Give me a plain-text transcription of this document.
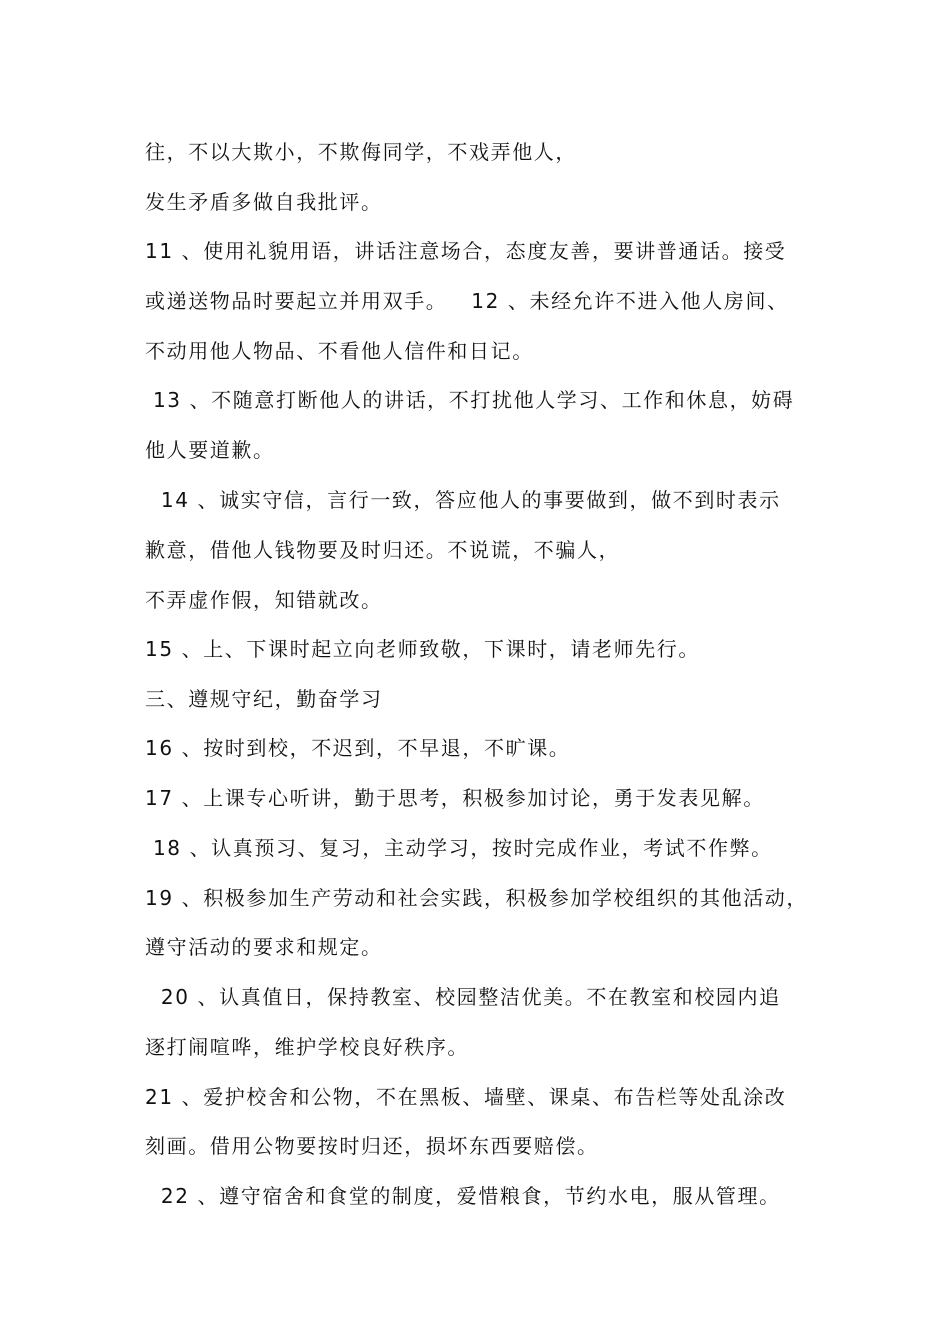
往，不以大欺小，不欺侮同学，不戏弄他人，
发生矛盾多做自我批评。
11 、使用礼貌用语，讲话注意场合，态度友善，要讲普通话。接受
或递送物品时要起立并用双手。   12 、未经允许不进入他人房间、
不动用他人物品、不看他人信件和日记。
13 、不随意打断他人的讲话，不打扰他人学习、工作和休息，妨碍
他人要道歉。
14 、诚实守信，言行一致，答应他人的事要做到，做不到时表示
歉意，借他人钱物要及时归还。不说谎，不骗人，
不弄虚作假，知错就改。
15 、上、下课时起立向老师致敬，下课时，请老师先行。
三、遵规守纪，勤奋学习
16 、按时到校，不迟到，不早退，不旷课。
17 、上课专心听讲，勤于思考，积极参加讨论，勇于发表见解。
18 、认真预习、复习，主动学习，按时完成作业，考试不作弊。
19 、积极参加生产劳动和社会实践，积极参加学校组织的其他活动，
遵守活动的要求和规定。
20 、认真值日，保持教室、校园整洁优美。不在教室和校园内追
逐打闹喧哗，维护学校良好秩序。
21 、爱护校舍和公物，不在黑板、墙壁、课桌、布告栏等处乱涂改
刻画。借用公物要按时归还，损坏东西要赔偿。
22 、遵守宿舍和食堂的制度，爱惜粮食，节约水电，服从管理。
